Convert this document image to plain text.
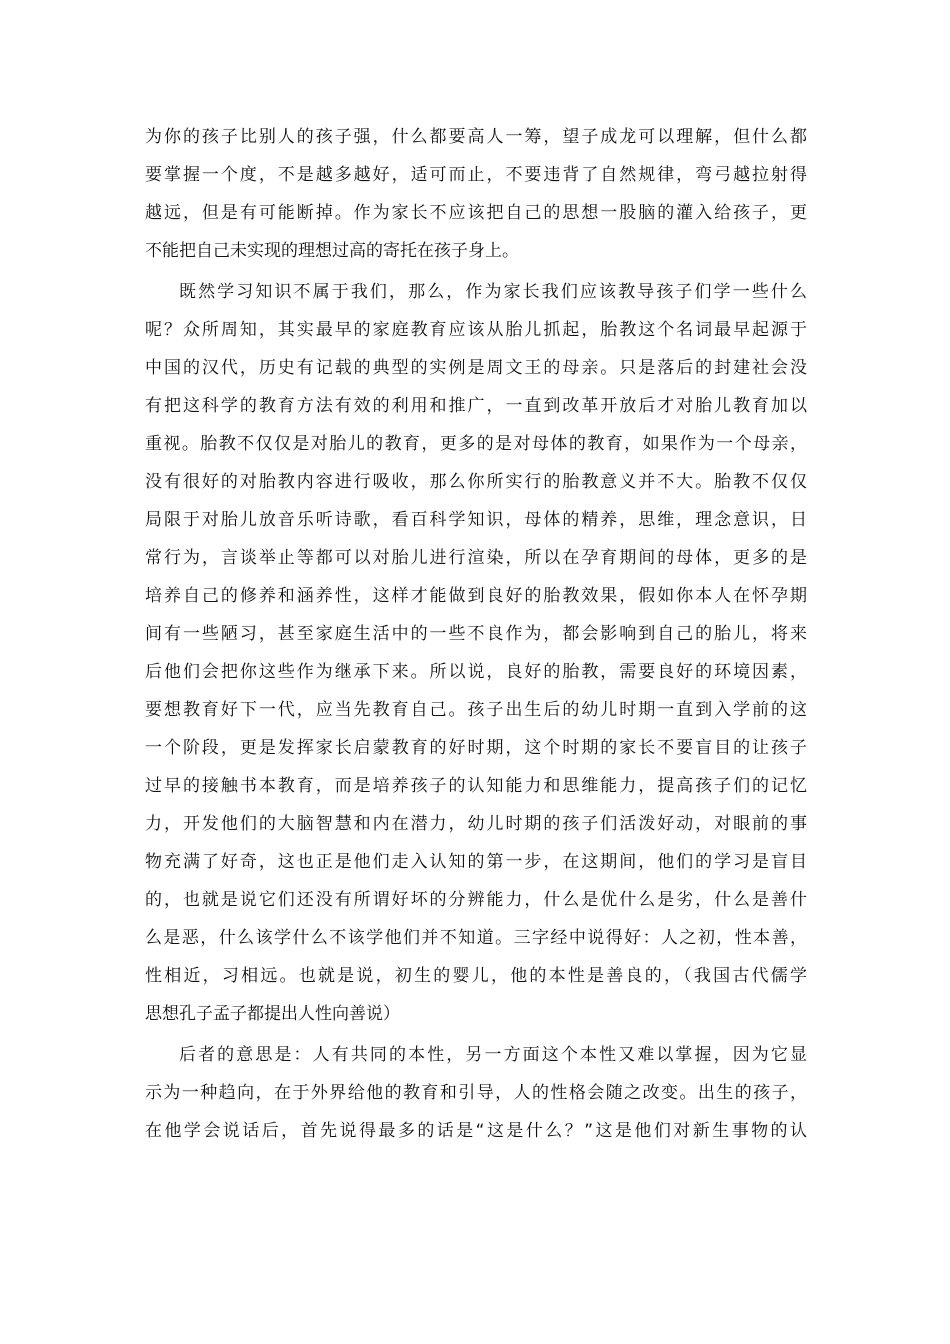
为你的孩子比别人的孩子强，什么都要高人一筹，望子成龙可以理解，但什么都
要掌握一个度，不是越多越好，适可而止，不要违背了自然规律，弯弓越拉射得
越远，但是有可能断掉。作为家长不应该把自己的思想一股脑的灌入给孩子，更
不能把自己未实现的理想过高的寄托在孩子身上。
既然学习知识不属于我们，那么，作为家长我们应该教导孩子们学一些什么
呢？众所周知，其实最早的家庭教育应该从胎儿抓起，胎教这个名词最早起源于
中国的汉代，历史有记载的典型的实例是周文王的母亲。只是落后的封建社会没
有把这科学的教育方法有效的利用和推广，一直到改革开放后才对胎儿教育加以
重视。胎教不仅仅是对胎儿的教育，更多的是对母体的教育，如果作为一个母亲，
没有很好的对胎教内容进行吸收，那么你所实行的胎教意义并不大。胎教不仅仅
局限于对胎儿放音乐听诗歌，看百科学知识，母体的精养，思维，理念意识，日
常行为，言谈举止等都可以对胎儿进行渲染，所以在孕育期间的母体，更多的是
培养自己的修养和涵养性，这样才能做到良好的胎教效果，假如你本人在怀孕期
间有一些陋习，甚至家庭生活中的一些不良作为，都会影响到自己的胎儿，将来
后他们会把你这些作为继承下来。所以说，良好的胎教，需要良好的环境因素，
要想教育好下一代，应当先教育自己。孩子出生后的幼儿时期一直到入学前的这
一个阶段，更是发挥家长启蒙教育的好时期，这个时期的家长不要盲目的让孩子
过早的接触书本教育，而是培养孩子的认知能力和思维能力，提高孩子们的记忆
力，开发他们的大脑智慧和内在潜力，幼儿时期的孩子们活泼好动，对眼前的事
物充满了好奇，这也正是他们走入认知的第一步，在这期间，他们的学习是盲目
的，也就是说它们还没有所谓好坏的分辨能力，什么是优什么是劣，什么是善什
么是恶，什么该学什么不该学他们并不知道。三字经中说得好：人之初，性本善，
性相近，习相远。也就是说，初生的婴儿，他的本性是善良的，（我国古代儒学
思想孔子孟子都提出人性向善说）
后者的意思是：人有共同的本性，另一方面这个本性又难以掌握，因为它显
示为一种趋向，在于外界给他的教育和引导，人的性格会随之改变。出生的孩子，
在他学会说话后，首先说得最多的话是“这是什么？”这是他们对新生事物的认
